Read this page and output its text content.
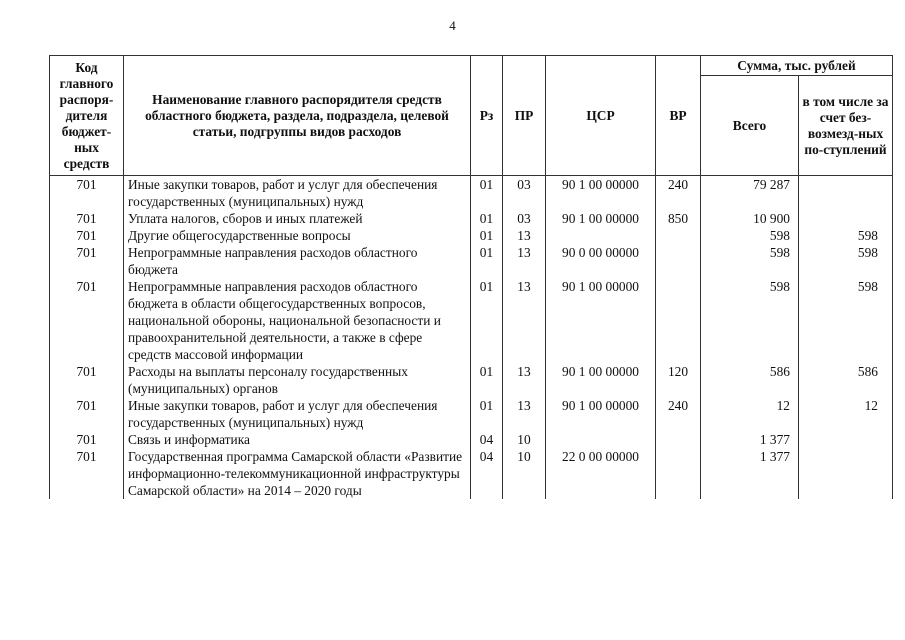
4
Код главного распоря-дителя бюджет-ных средств	Наименование главного распорядителя средств областного бюджета, раздела, подраздела, целевой статьи, подгруппы видов расходов	Рз	ПР	ЦСР	ВР	Сумма, тыс. рублей	
						Всего	в том числе за счет без-возмезд-ных по-ступлений
701	Иные закупки товаров, работ и услуг для обеспечения государственных (муниципальных) нужд	01	03	90 1 00 00000	240	79 287	
701	Уплата налогов, сборов и иных платежей	01	03	90 1 00 00000	850	10 900	
701	Другие общегосударственные вопросы	01	13			598	598
701	Непрограммные направления расходов областного бюджета	01	13	90 0 00 00000		598	598
701	Непрограммные направления расходов областного бюджета в области общегосударственных вопросов, национальной обороны, национальной безопасности и правоохранительной деятельности, а также в сфере средств массовой информации	01	13	90 1 00 00000		598	598
701	Расходы на выплаты персоналу государственных (муниципальных) органов	01	13	90 1 00 00000	120	586	586
701	Иные закупки товаров, работ и услуг для обеспечения государственных (муниципальных) нужд	01	13	90 1 00 00000	240	12	12
701	Связь и информатика	04	10			1 377	
701	Государственная программа Самарской области «Развитие информационно-телекоммуникационной инфраструктуры Самарской области» на 2014 – 2020 годы	04	10	22 0 00 00000		1 377	
